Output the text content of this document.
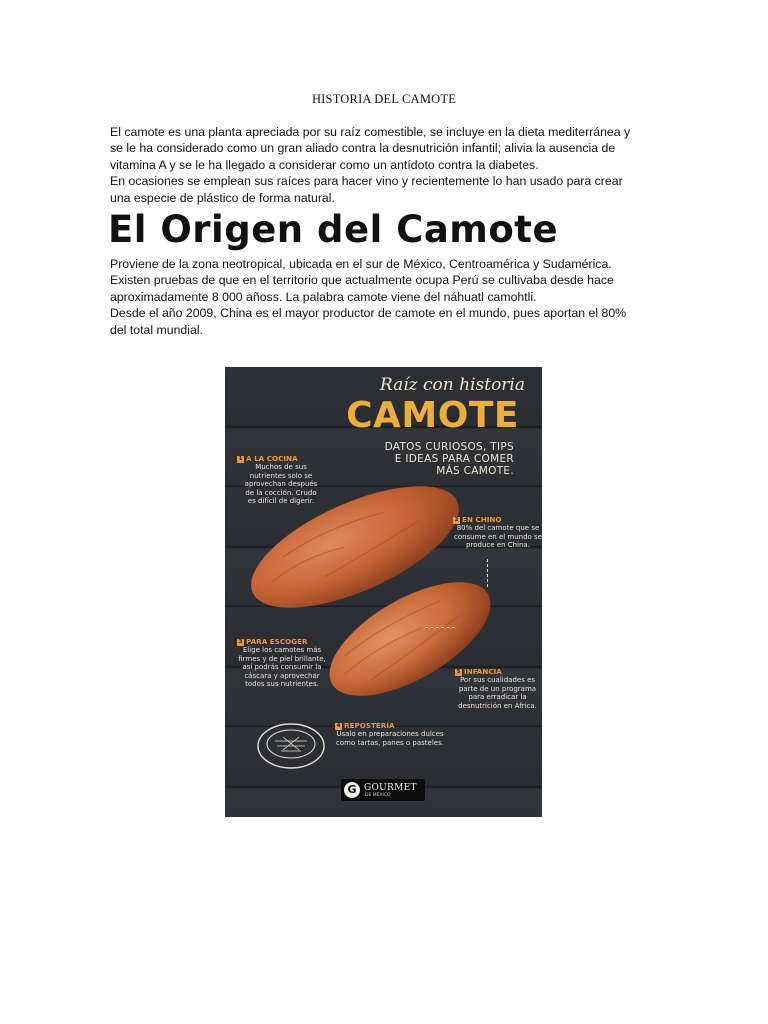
HISTORIA DEL CAMOTE

El camote es una planta apreciada por su raíz comestible, se incluye en la dieta mediterránea y

se le ha considerado como un gran aliado contra la desnutrición infantil; alivia la ausencia de

vitamina A y se le ha llegado a considerar como un antídoto contra la diabetes.

En ocasiones se emplean sus raíces para hacer vino y recientemente lo han usado para crear

una especie de plástico de forma natural.

El Origen del Camote

Proviene de la zona neotropical, ubicada en el sur de México, Centroamérica y Sudamérica.

Existen pruebas de que en el territorio que actualmente ocupa Perú se cultivaba desde hace

aproximadamente 8 000 añoss. La palabra camote viene del náhuatl camohtli.

Desde el año 2009, China es el mayor productor de camote en el mundo, pues aportan el 80%

del total mundial.

Raíz con historia
CAMOTE
DATOS CURIOSOS, TIPS
E IDEAS PARA COMER
MÁS CAMOTE.
1 A LA COCINA
Muchos de sus nutrientes solo se aprovechan después de la cocción. Crudo es difícil de digerir.
2 EN CHINO
80% del camote que se consume en el mundo se produce en China.
3 PARA ESCOGER
Elige los camotes más firmes y de piel brillante, así podrás consumir la cáscara y aprovechar todos sus nutrientes.
5 INFANCIA
Por sus cualidades es parte de un programa para erradicar la desnutrición en África.
4 REPOSTERÍA
Úsalo en preparaciones dulces como tartas, panes o pasteles.
G GOURMET
DE MÉXICO
